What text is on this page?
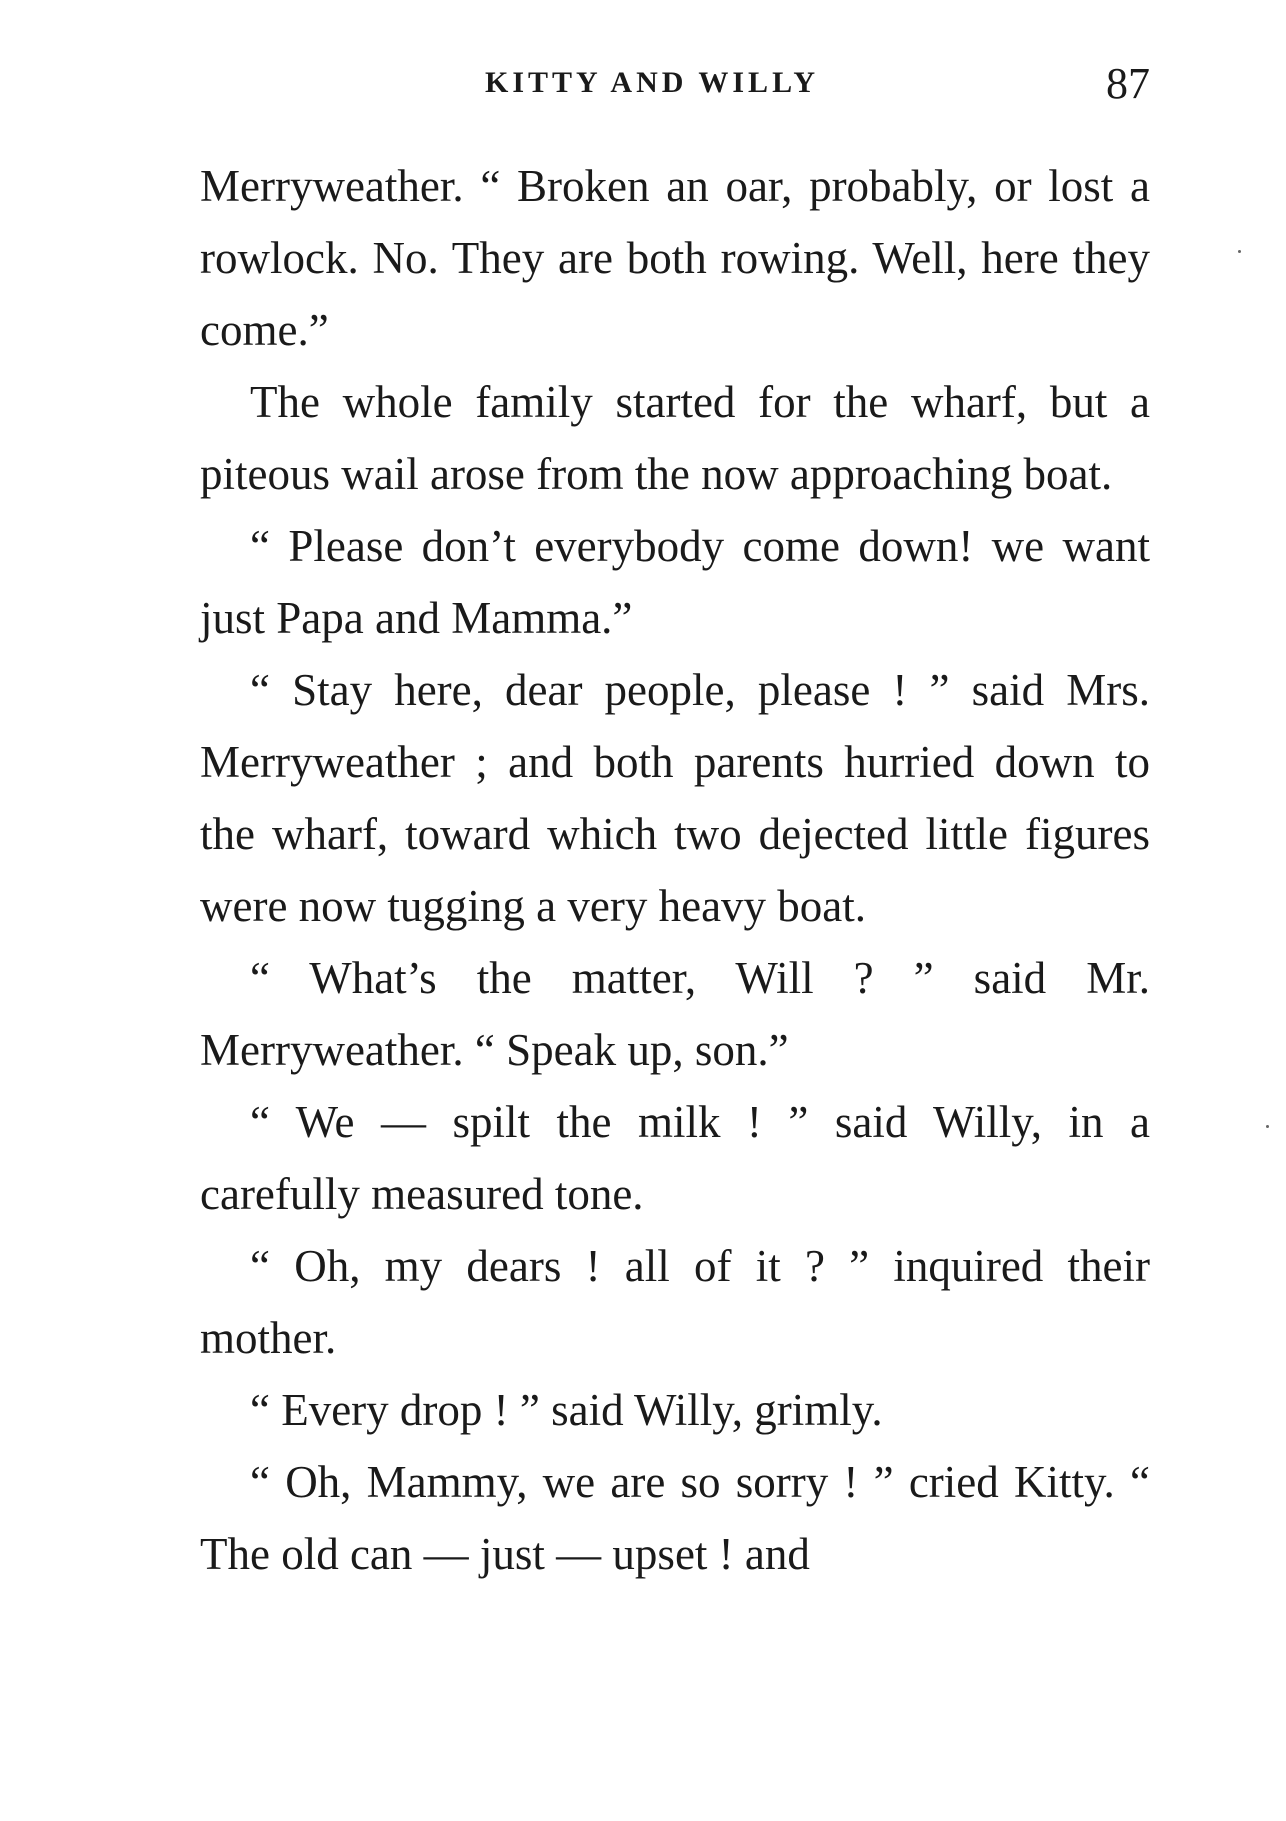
KITTY AND WILLY	87

Merryweather. “ Broken an oar, probably, or lost a rowlock. No. They are both rowing. Well, here they come.”

The whole family started for the wharf, but a piteous wail arose from the now approaching boat.

“ Please don’t everybody come down! we want just Papa and Mamma.”

“ Stay here, dear people, please ! ” said Mrs. Merryweather ; and both parents hurried down to the wharf, toward which two dejected little figures were now tugging a very heavy boat.

“ What’s the matter, Will ? ” said Mr. Merryweather. “ Speak up, son.”

“ We — spilt the milk ! ” said Willy, in a carefully measured tone.

“ Oh, my dears ! all of it ? ” inquired their mother.

“ Every drop ! ” said Willy, grimly.

“ Oh, Mammy, we are so sorry ! ” cried Kitty. “ The old can — just — upset ! and
